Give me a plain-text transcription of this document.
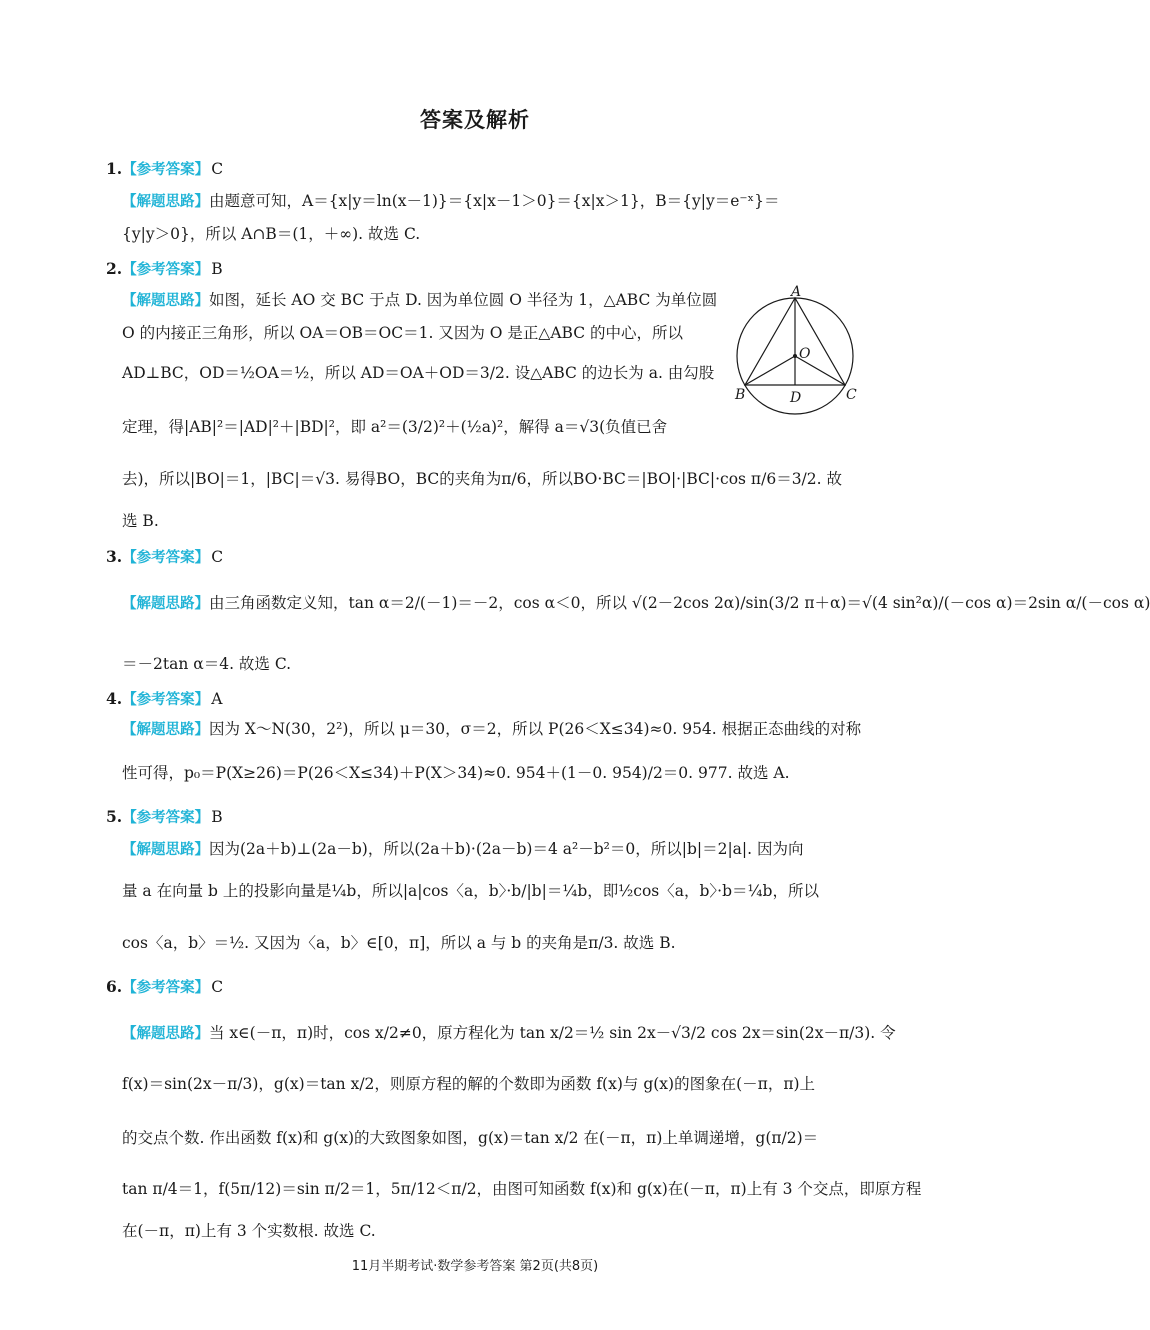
答案及解析
1.【参考答案】 C
【解题思路】由题意可知，A＝{x|y＝ln(x－1)}＝{x|x－1＞0}＝{x|x＞1}，B＝{y|y＝e⁻ˣ}＝
{y|y＞0}，所以 A∩B＝(1，＋∞). 故选 C.
2.【参考答案】 B
【解题思路】如图，延长 AO 交 BC 于点 D. 因为单位圆 O 半径为 1，△ABC 为单位圆
O 的内接正三角形，所以 OA＝OB＝OC＝1. 又因为 O 是正△ABC 的中心，所以
AD⊥BC，OD＝½OA＝½，所以 AD＝OA＋OD＝3/2. 设△ABC 的边长为 a. 由勾股
定理，得|AB|²＝|AD|²＋|BD|²，即 a²＝(3/2)²＋(½a)²，解得 a＝√3(负值已舍
去)，所以|BO|＝1，|BC|＝√3. 易得BO，BC的夹角为π/6，所以BO·BC＝|BO|·|BC|·cos π/6＝3/2. 故
选 B.
A
B	C
D
O
3.【参考答案】 C
【解题思路】由三角函数定义知，tan α＝2/(－1)＝－2，cos α＜0，所以 √(2－2cos 2α)/sin(3/2 π＋α)＝√(4 sin²α)/(－cos α)＝2sin α/(－cos α)
＝－2tan α＝4. 故选 C.
4.【参考答案】 A
【解题思路】因为 X～N(30，2²)，所以 μ＝30，σ＝2，所以 P(26＜X≤34)≈0. 954. 根据正态曲线的对称
性可得，p₀＝P(X≥26)＝P(26＜X≤34)＋P(X＞34)≈0. 954＋(1－0. 954)/2＝0. 977. 故选 A.
5.【参考答案】 B
【解题思路】因为(2a＋b)⊥(2a－b)，所以(2a＋b)·(2a－b)＝4 a²－b²＝0，所以|b|＝2|a|. 因为向
量 a 在向量 b 上的投影向量是¼b，所以|a|cos〈a，b〉·b/|b|＝¼b，即½cos〈a，b〉·b＝¼b，所以
cos〈a，b〉＝½. 又因为〈a，b〉∈[0，π]，所以 a 与 b 的夹角是π/3. 故选 B.
6.【参考答案】 C
【解题思路】当 x∈(－π，π)时，cos x/2≠0，原方程化为 tan x/2＝½ sin 2x－√3/2 cos 2x＝sin(2x－π/3). 令
f(x)＝sin(2x－π/3)，g(x)＝tan x/2，则原方程的解的个数即为函数 f(x)与 g(x)的图象在(－π，π)上
的交点个数. 作出函数 f(x)和 g(x)的大致图象如图，g(x)＝tan x/2 在(－π，π)上单调递增，g(π/2)＝
tan π/4＝1，f(5π/12)＝sin π/2＝1，5π/12＜π/2，由图可知函数 f(x)和 g(x)在(－π，π)上有 3 个交点，即原方程
在(－π，π)上有 3 个实数根. 故选 C.
11月半期考试·数学参考答案 第2页(共8页)
